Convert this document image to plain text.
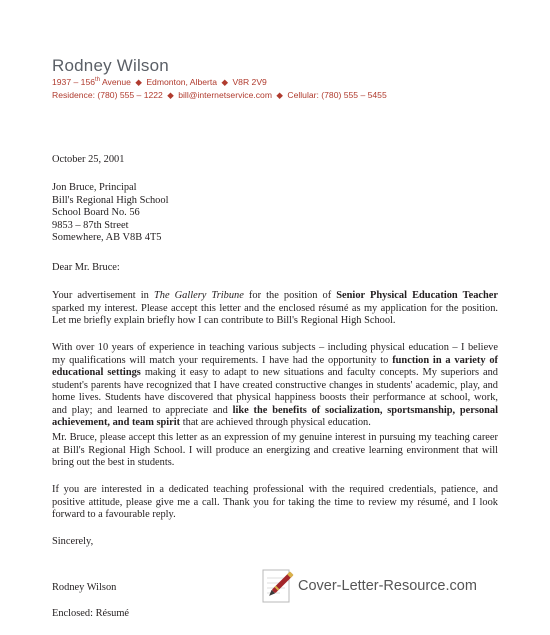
Rodney Wilson
1937 – 156th Avenue ◆ Edmonton, Alberta ◆ V8R 2V9
Residence: (780) 555 – 1222 ◆ bill@internetservice.com ◆ Cellular: (780) 555 – 5455
October 25, 2001
Jon Bruce, Principal
Bill's Regional High School
School Board No. 56
9853 – 87th Street
Somewhere, AB V8B 4T5
Dear Mr. Bruce:
Your advertisement in The Gallery Tribune for the position of Senior Physical Education Teacher sparked my interest. Please accept this letter and the enclosed résumé as my application for the position. Let me briefly explain briefly how I can contribute to Bill's Regional High School.
With over 10 years of experience in teaching various subjects – including physical education – I believe my qualifications will match your requirements. I have had the opportunity to function in a variety of educational settings making it easy to adapt to new situations and faculty concepts. My superiors and student's parents have recognized that I have created constructive changes in students' academic, play, and home lives. Students have discovered that physical happiness boosts their performance at school, work, and play; and learned to appreciate and like the benefits of socialization, sportsmanship, personal achievement, and team spirit that are achieved through physical education.
Mr. Bruce, please accept this letter as an expression of my genuine interest in pursuing my teaching career at Bill's Regional High School. I will produce an energizing and creative learning environment that will bring out the best in students.
If you are interested in a dedicated teaching professional with the required credentials, patience, and positive attitude, please give me a call. Thank you for taking the time to review my résumé, and I look forward to a favourable reply.
Sincerely,
Rodney Wilson
Enclosed: Résumé
Cover-Letter-Resource.com
